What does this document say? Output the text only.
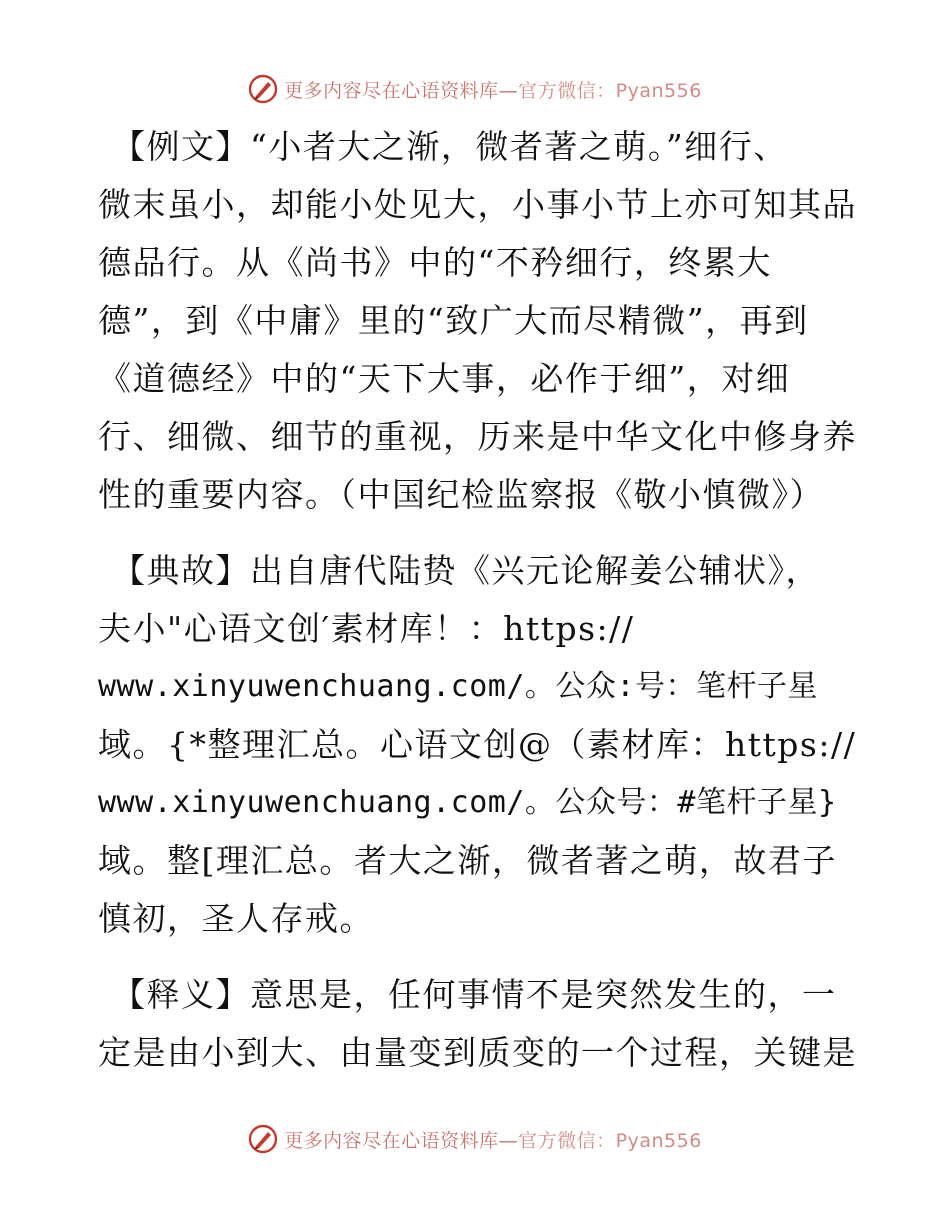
更多内容尽在心语资料库—官方微信：Pyan556
【例文】“小者大之渐，微者著之萌。”细行、
微末虽小，却能小处见大，小事小节上亦可知其品
德品行。从《尚书》中的“不矜细行，终累大
德”，到《中庸》里的“致广大而尽精微”，再到
《道德经》中的“天下大事，必作于细”，对细
行、细微、细节的重视，历来是中华文化中修身养
性的重要内容。（中国纪检监察报《敬小慎微》）
【典故】出自唐代陆贽《兴元论解姜公辅状》，
夫小"心语文创′素材库！：https://
www.xinyuwenchuang.com/。公众:号：笔杆子星
域。{*整理汇总。心语文创@（素材库：https://
www.xinyuwenchuang.com/。公众号：#笔杆子星}
域。整[理汇总。者大之渐，微者著之萌，故君子
慎初，圣人存戒。
【释义】意思是，任何事情不是突然发生的，一
定是由小到大、由量变到质变的一个过程，关键是
更多内容尽在心语资料库—官方微信：Pyan556
